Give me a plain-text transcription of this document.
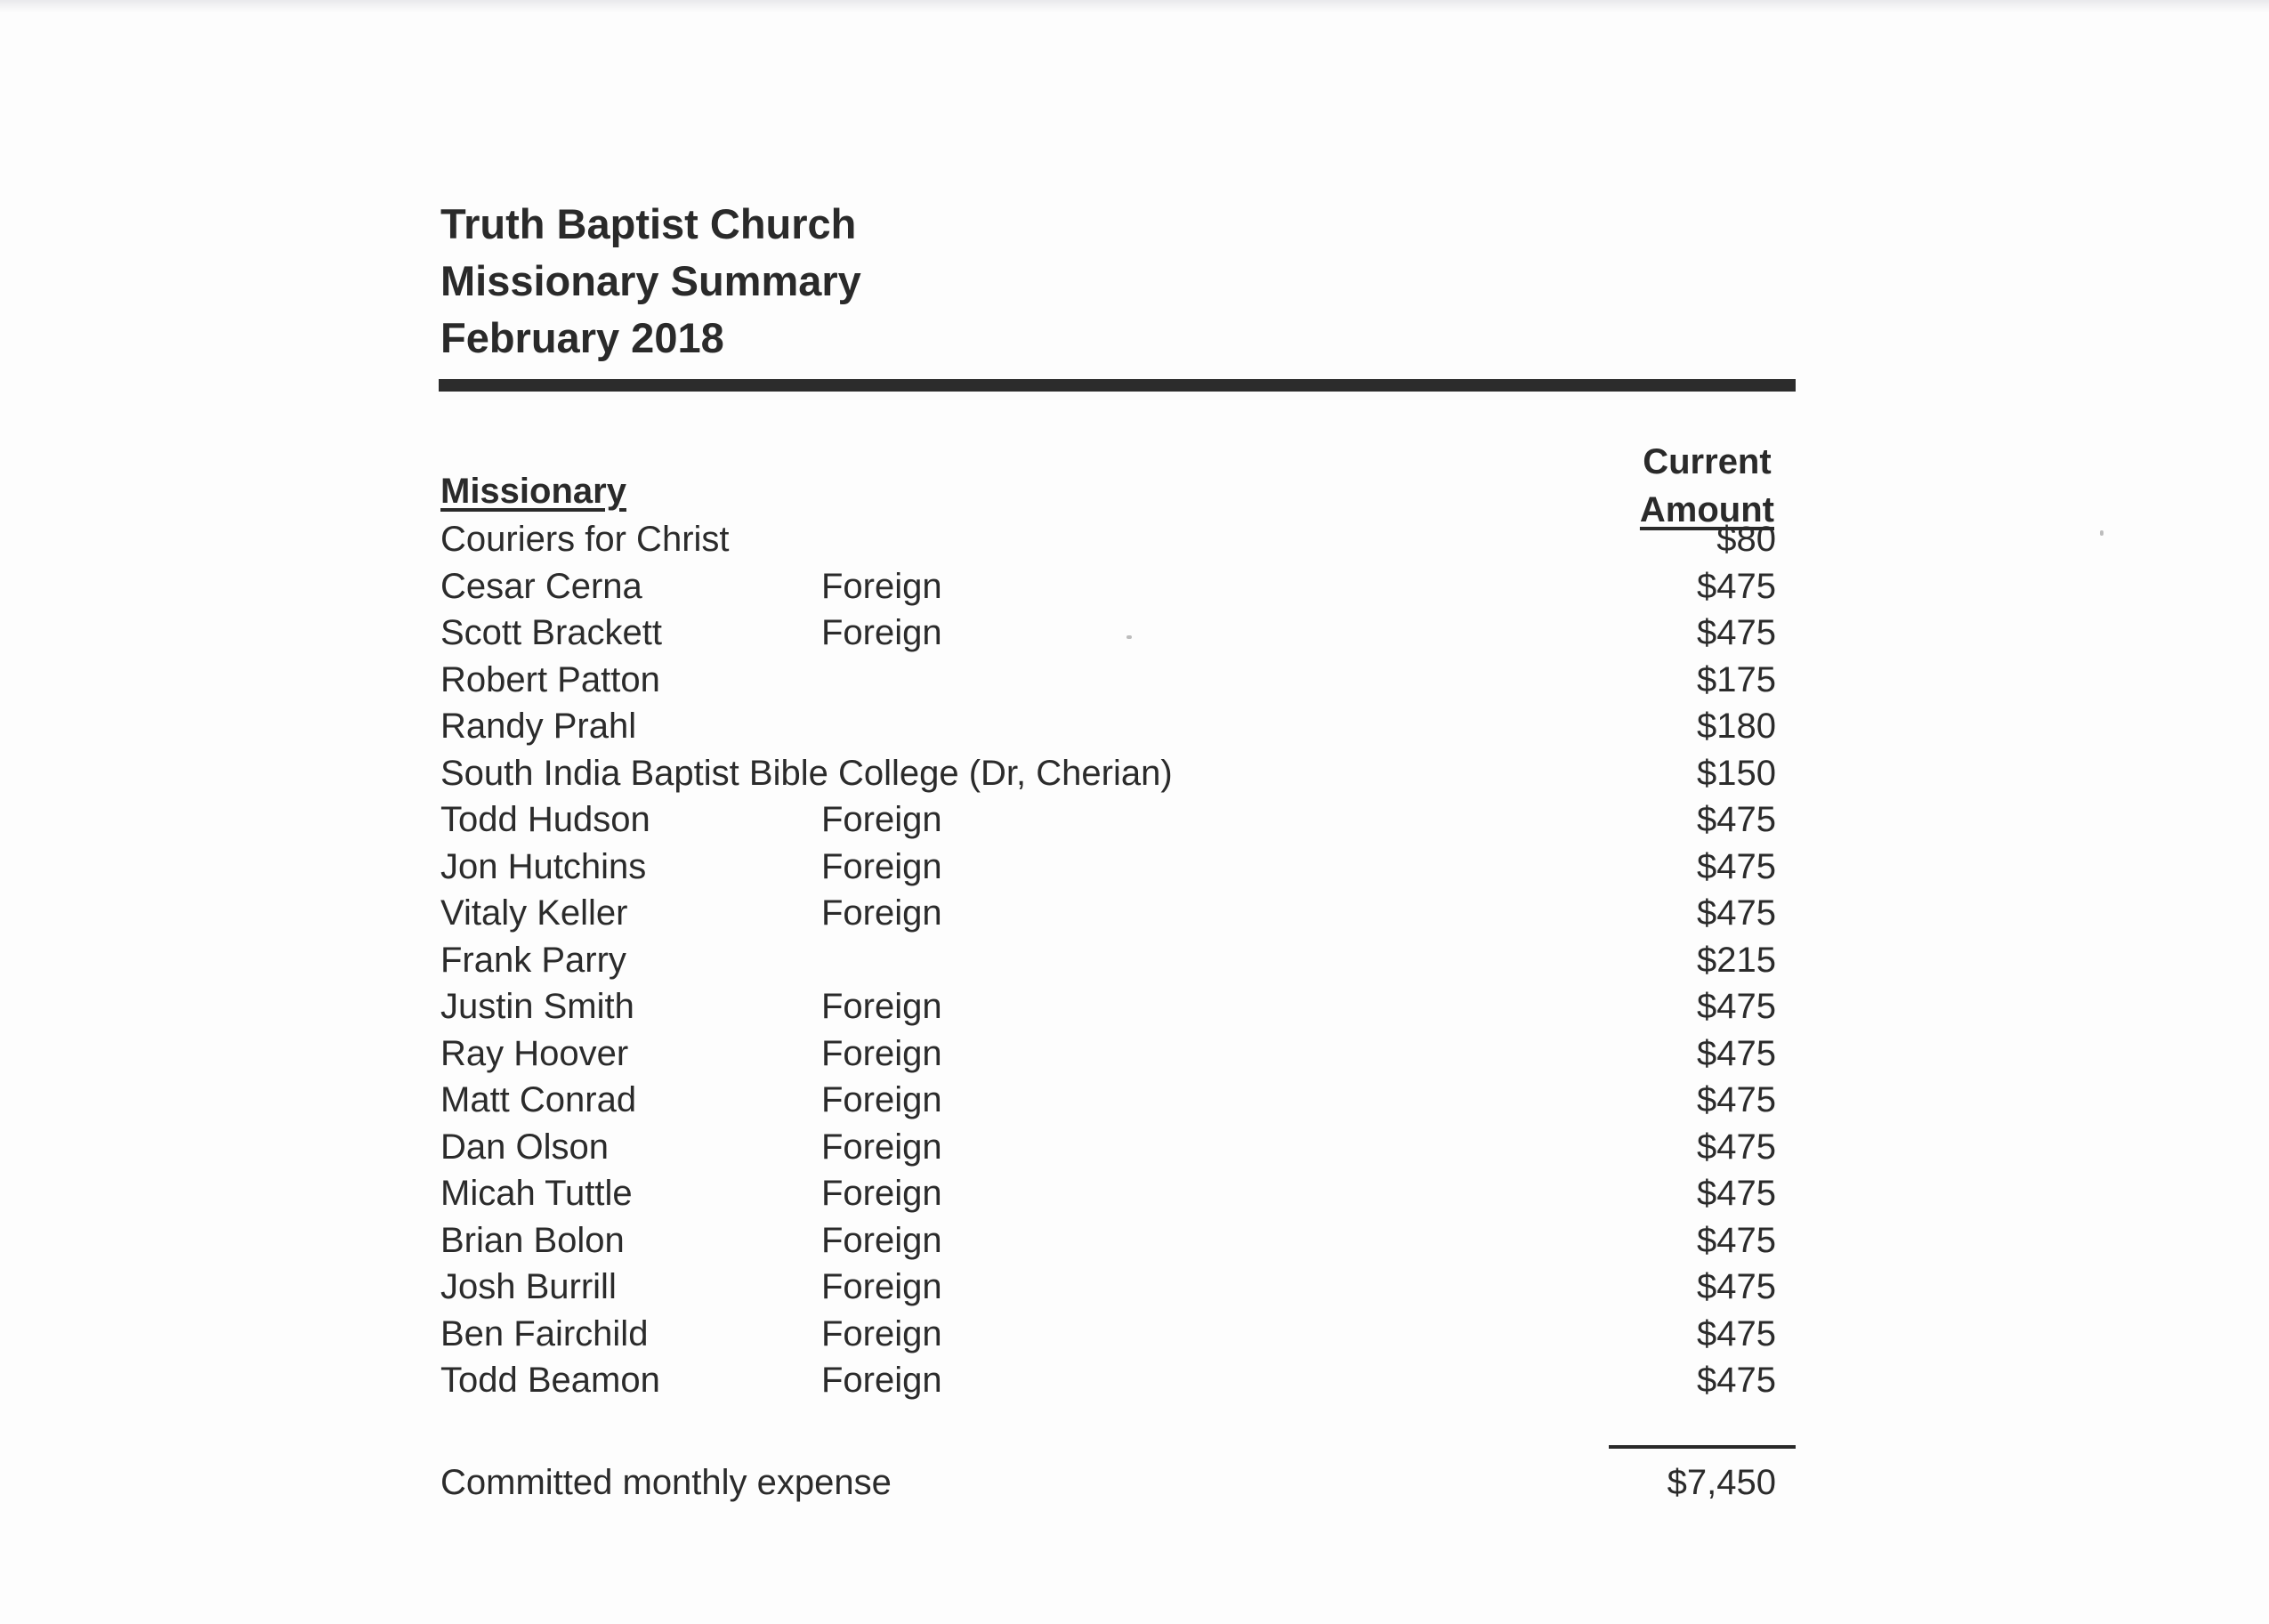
Truth Baptist Church
Missionary Summary
February 2018
Missionary
Current
Amount
Couriers for Christ	$80
Cesar Cerna	Foreign	$475
Scott Brackett	Foreign	$475
Robert Patton	$175
Randy Prahl	$180
South India Baptist Bible College (Dr, Cherian)	$150
Todd Hudson	Foreign	$475
Jon Hutchins	Foreign	$475
Vitaly Keller	Foreign	$475
Frank Parry	$215
Justin Smith	Foreign	$475
Ray Hoover	Foreign	$475
Matt Conrad	Foreign	$475
Dan Olson	Foreign	$475
Micah Tuttle	Foreign	$475
Brian Bolon	Foreign	$475
Josh Burrill	Foreign	$475
Ben Fairchild	Foreign	$475
Todd Beamon	Foreign	$475
Committed monthly expense	$7,450
